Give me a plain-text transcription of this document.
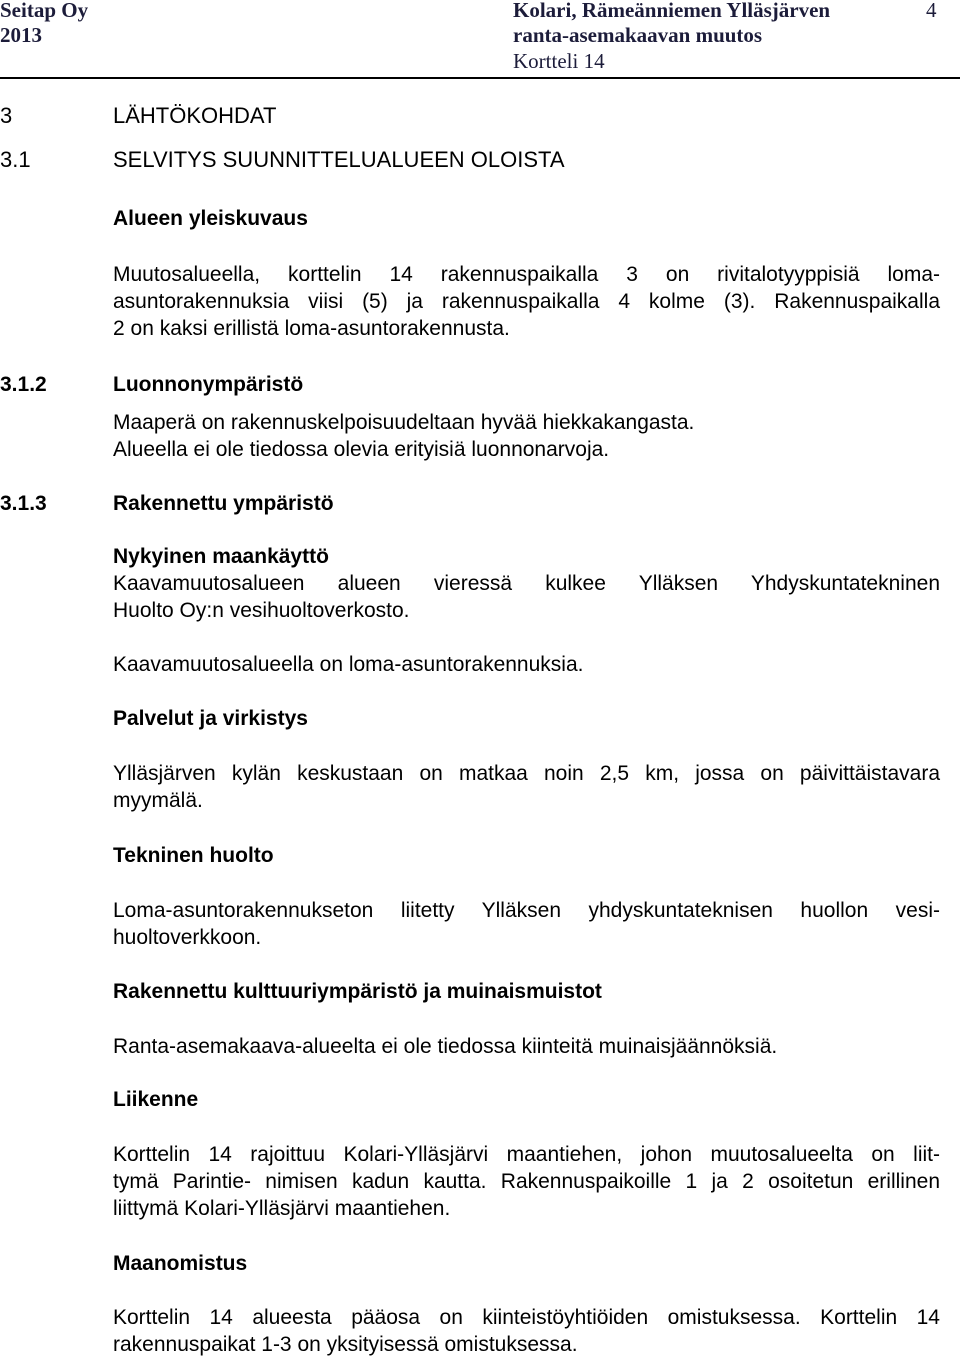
Seitap Oy
2013
Kolari, Rämeänniemen Ylläsjärven
ranta-asemakaavan muutos
Kortteli 14
4
3	LÄHTÖKOHDAT
3.1	SELVITYS SUUNNITTELUALUEEN OLOISTA
Alueen yleiskuvaus
Muutosalueella, korttelin 14 rakennuspaikalla 3 on rivitalotyyppisiä loma-
asuntorakennuksia viisi (5) ja rakennuspaikalla 4 kolme (3). Rakennuspaikalla
2 on kaksi erillistä loma-asuntorakennusta.
3.1.2	Luonnonympäristö
Maaperä on rakennuskelpoisuudeltaan hyvää hiekkakangasta.
Alueella ei ole tiedossa olevia erityisiä luonnonarvoja.
3.1.3	Rakennettu ympäristö
Nykyinen maankäyttö
Kaavamuutosalueen alueen vieressä kulkee Ylläksen Yhdyskuntatekninen
Huolto Oy:n vesihuoltoverkosto.
Kaavamuutosalueella on loma-asuntorakennuksia.
Palvelut ja virkistys
Ylläsjärven kylän keskustaan on matkaa noin 2,5 km, jossa on päivittäistavara
myymälä.
Tekninen huolto
Loma-asuntorakennukseton liitetty Ylläksen yhdyskuntateknisen huollon vesi-
huoltoverkkoon.
Rakennettu kulttuuriympäristö ja muinaismuistot
Ranta-asemakaava-alueelta ei ole tiedossa kiinteitä muinaisjäännöksiä.
Liikenne
Korttelin 14 rajoittuu Kolari-Ylläsjärvi maantiehen, johon muutosalueelta on liit-
tymä Parintie- nimisen kadun kautta. Rakennuspaikoille 1 ja 2 osoitetun erillinen
liittymä Kolari-Ylläsjärvi maantiehen.
Maanomistus
Korttelin 14 alueesta pääosa on kiinteistöyhtiöiden omistuksessa. Korttelin 14
rakennuspaikat 1-3 on yksityisessä omistuksessa.
